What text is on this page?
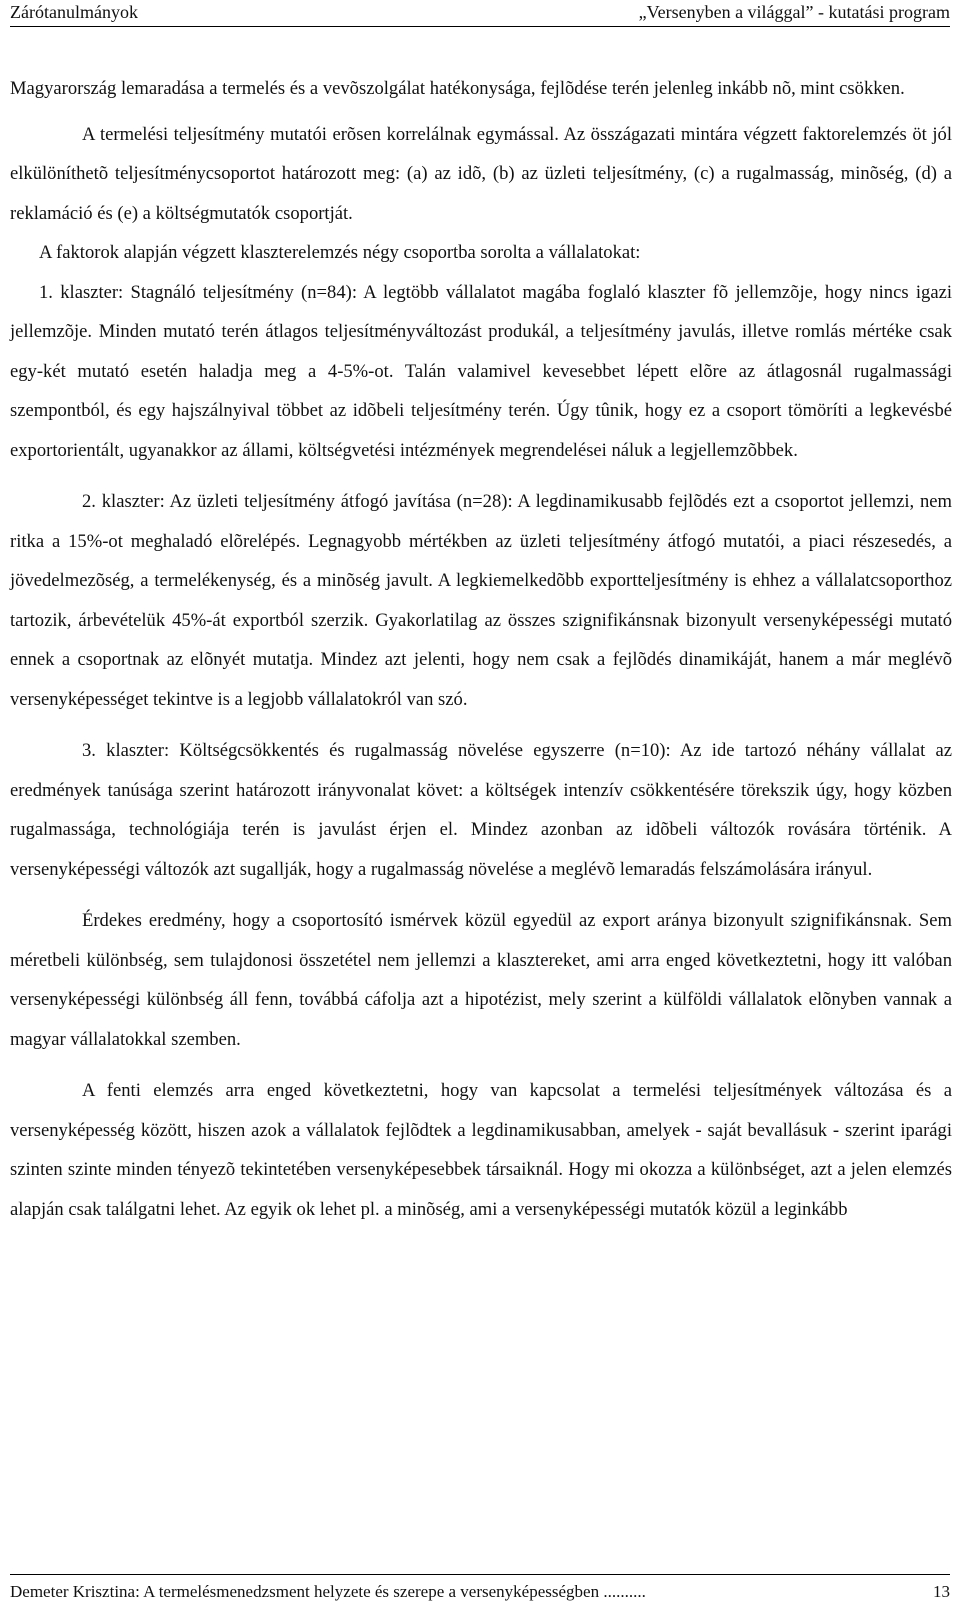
Zárótanulmányok	„Versenyben a világgal” - kutatási program

Magyarország lemaradása a termelés és a vevõszolgálat hatékonysága, fejlõdése terén jelenleg inkább nõ, mint csökken.

A termelési teljesítmény mutatói erõsen korrelálnak egymással. Az összágazati mintára végzett faktorelemzés öt jól elkülöníthetõ teljesítménycsoportot határozott meg: (a) az idõ, (b) az üzleti teljesítmény, (c) a rugalmasság, minõség, (d) a reklamáció és (e) a költségmutatók csoportját.

A faktorok alapján végzett klaszterelemzés négy csoportba sorolta a vállalatokat:

1. klaszter: Stagnáló teljesítmény (n=84): A legtöbb vállalatot magába foglaló klaszter fõ jellemzõje, hogy nincs igazi jellemzõje. Minden mutató terén átlagos teljesítményváltozást produkál, a teljesítmény javulás, illetve romlás mértéke csak egy-két mutató esetén haladja meg a 4-5%-ot. Talán valamivel kevesebbet lépett elõre az átlagosnál rugalmassági szempontból, és egy hajszálnyival többet az idõbeli teljesítmény terén. Úgy tûnik, hogy ez a csoport tömöríti a legkevésbé exportorientált, ugyanakkor az állami, költségvetési intézmények megrendelései náluk a legjellemzõbbek.

2. klaszter: Az üzleti teljesítmény átfogó javítása (n=28): A legdinamikusabb fejlõdés ezt a csoportot jellemzi, nem ritka a 15%-ot meghaladó elõrelépés. Legnagyobb mértékben az üzleti teljesítmény átfogó mutatói, a piaci részesedés, a jövedelmezõség, a termelékenység, és a minõség javult. A legkiemelkedõbb exportteljesítmény is ehhez a vállalatcsoporthoz tartozik, árbevételük 45%-át exportból szerzik. Gyakorlatilag az összes szignifikánsnak bizonyult versenyképességi mutató ennek a csoportnak az elõnyét mutatja. Mindez azt jelenti, hogy nem csak a fejlõdés dinamikáját, hanem a már meglévõ versenyképességet tekintve is a legjobb vállalatokról van szó.

3. klaszter: Költségcsökkentés és rugalmasság növelése egyszerre (n=10): Az ide tartozó néhány vállalat az eredmények tanúsága szerint határozott irányvonalat követ: a költségek intenzív csökkentésére törekszik úgy, hogy közben rugalmassága, technológiája terén is javulást érjen el. Mindez azonban az idõbeli változók rovására történik. A versenyképességi változók azt sugallják, hogy a rugalmasság növelése a meglévõ lemaradás felszámolására irányul.

Érdekes eredmény, hogy a csoportosító ismérvek közül egyedül az export aránya bizonyult szignifikánsnak. Sem méretbeli különbség, sem tulajdonosi összetétel nem jellemzi a klasztereket, ami arra enged következtetni, hogy itt valóban versenyképességi különbség áll fenn, továbbá cáfolja azt a hipotézist, mely szerint a külföldi vállalatok elõnyben vannak a magyar vállalatokkal szemben.

A fenti elemzés arra enged következtetni, hogy van kapcsolat a termelési teljesítmények változása és a versenyképesség között, hiszen azok a vállalatok fejlõdtek a legdinamikusabban, amelyek - saját bevallásuk - szerint iparági szinten szinte minden tényezõ tekintetében versenyképesebbek társaiknál. Hogy mi okozza a különbséget, azt a jelen elemzés alapján csak találgatni lehet. Az egyik ok lehet pl. a minõség, ami a versenyképességi mutatók közül a leginkább

Demeter Krisztina: A termelésmenedzsment helyzete és szerepe a versenyképességben ..........	13
